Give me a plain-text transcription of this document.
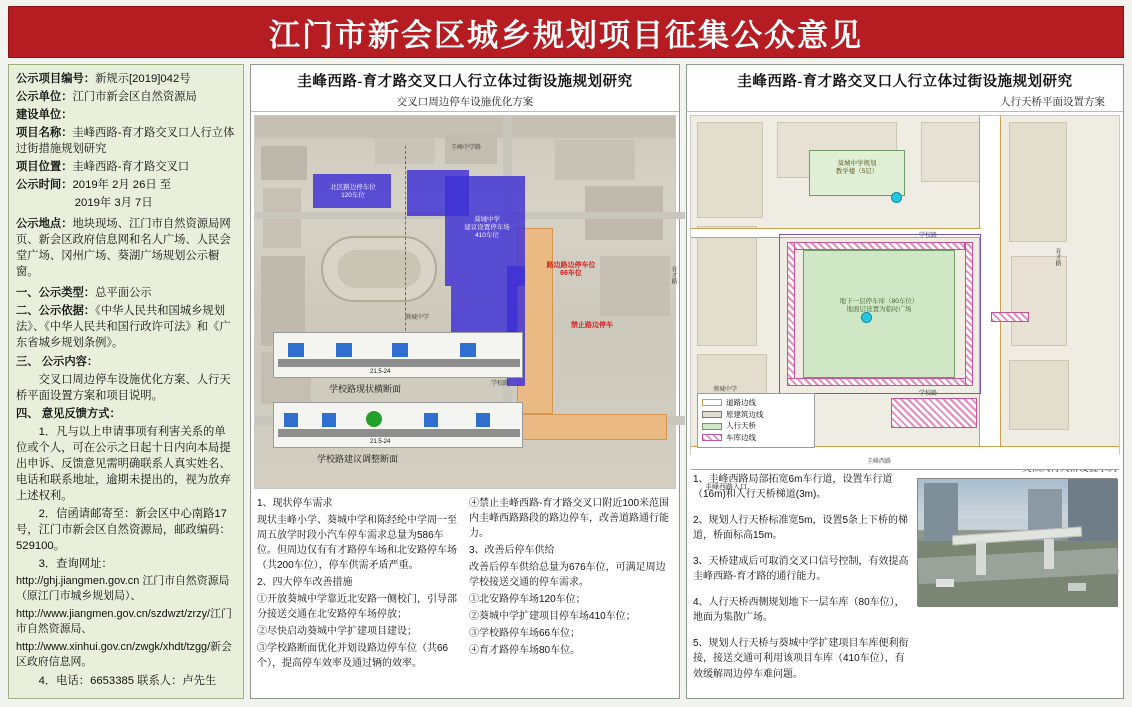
江门市新会区城乡规划项目征集公众意见

公示项目编号：新规示[2019]042号

公示单位：江门市新会区自然资源局

建设单位：

项目名称：圭峰西路-育才路交叉口人行立体过街措施规划研究

项目位置：圭峰西路-育才路交叉口

公示时间：2019年 2月 26日 至

2019年 3月 7日

公示地点：地块现场、江门市自然资源局网页、新会区政府信息网和名人广场、人民会堂广场、冈州广场、葵湖广场规划公示橱窗。

一、公示类型：总平面公示

二、公示依据：《中华人民共和国城乡规划法》、《中华人民共和国行政许可法》和《广东省城乡规划条例》。

三、 公示内容：

交叉口周边停车设施优化方案、人行天桥平面设置方案和项目说明。

四、 意见反馈方式：

1．凡与以上申请事项有利害关系的单位或个人，可在公示之日起十日内向本局提出申诉、反馈意见需明确联系人真实姓名、电话和联系地址，逾期未提出的，视为放弃上述权利。

2．信函请邮寄至：新会区中心南路17号，江门市新会区自然资源局，邮政编码：529100。

3．查询网址：

http://ghj.jiangmen.gov.cn 江门市自然资源局（原江门市城乡规划局）、

http://www.jiangmen.gov.cn/szdwzt/zrzy/江门市自然资源局、

http://www.xinhui.gov.cn/zwgk/xhdt/tzgg/新会区政府信息网。

4．电话：6653385 联系人：卢先生

圭峰西路-育才路交叉口人行立体过街设施规划研究
交叉口周边停车设施优化方案
北区路边停车位
120车位
葵城中学
建议设置停车场
410车位
路边路边停车位
66车位

禁止路边停车
圭峰中学路
育才路
葵城中学
学校路
21.5-24
学校路现状横断面
21.5-24
学校路建议调整断面

1、现状停车需求

现状圭峰小学、葵城中学和陈经纶中学周一至周五放学时段小汽车停车需求总量为586车位。但周边仅有有才路停车场和北安路停车场（共200车位），停车供需矛盾严重。

2、四大停车改善措施

①开放葵城中学靠近北安路一侧校门，引导部分接送交通在北安路停车场停放；

②尽快启动葵城中学扩建项目建设；

③学校路断面优化并划设路边停车位（共66个），提高停车效率及通过辆的效率。

④禁止圭峰西路-育才路交叉口附近100米范围内圭峰西路路段的路边停车，改善道路通行能力。

3、改善后停车供给

改善后停车供给总量为676车位，可满足周边学校接送交通的停车需求。

①北安路停车场120车位；

②葵城中学扩建项目停车场410车位；

③学校路停车场66车位；

④育才路停车场80车位。

圭峰西路-育才路交叉口人行立体过街设施规划研究
人行天桥平面设置方案
葵城中学规划
教学楼（5层）
地下一层停车库（80车位）
地面层设置为临时广场
学校路
学校路
葵城中学
育才路
圭峰西路
圭峰西路入口
道路边线
原建筑边线
人行天桥
车库边线

1、圭峰西路局部拓宽6m车行道，设置车行道（16m)和人行天桥梯道(3m)。

2、规划人行天桥标准宽5m，设置5条上下桥的梯道，桥面标高15m。

3、天桥建成后可取消交叉口信号控制，有效提高圭峰西路-育才路的通行能力。

4、人行天桥西侧规划地下一层车库（80车位），地面为集散广场。

5、规划人行天桥与葵城中学扩建项目车库便利衔接，接送交通可利用该项目车库（410车位），有效缓解周边停车难问题。
